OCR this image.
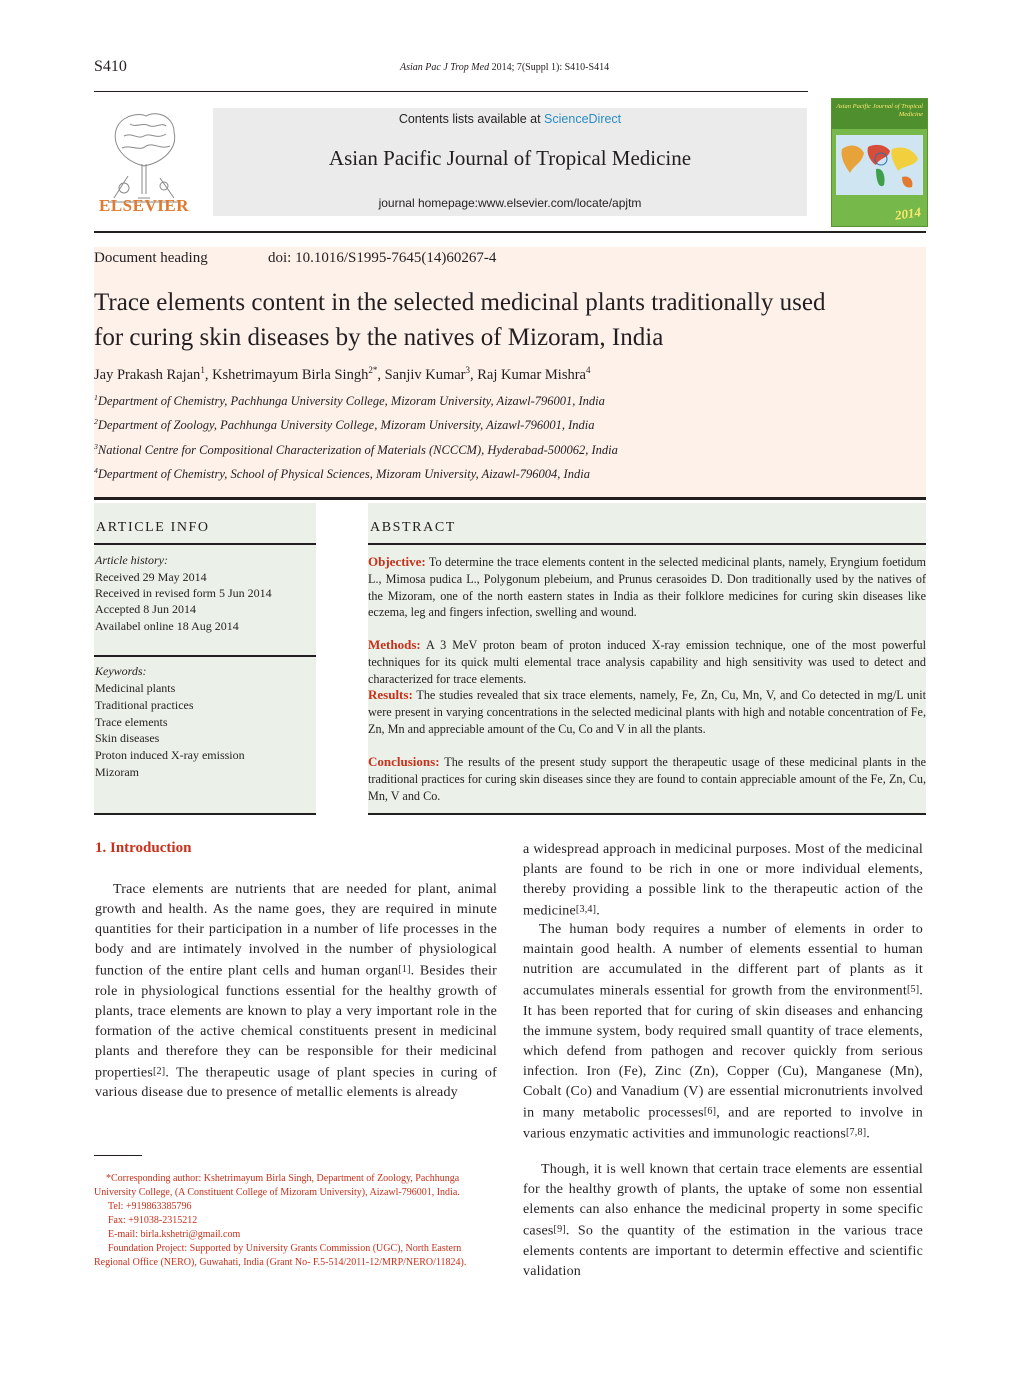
S410	Asian Pac J Trop Med 2014; 7(Suppl 1): S410-S414
ELSEVIER
Contents lists available at ScienceDirect
Asian Pacific Journal of Tropical Medicine
journal homepage:www.elsevier.com/locate/apjtm
Asian Pacific Journal of Tropical Medicine
2014
Document heading	doi: 10.1016/S1995-7645(14)60267-4
Trace elements content in the selected medicinal plants traditionally used
for curing skin diseases by the natives of Mizoram, India
Jay Prakash Rajan$^1$, Kshetrimayum Birla Singh$^{2*}$, Sanjiv Kumar$^3$, Raj Kumar Mishra$^4$
$^1$Department of Chemistry, Pachhunga University College, Mizoram University, Aizawl-796001, India
$^2$Department of Zoology, Pachhunga University College, Mizoram University, Aizawl-796001, India
$^3$National Centre for Compositional Characterization of Materials (NCCCM), Hyderabad-500062, India
$^4$Department of Chemistry, School of Physical Sciences, Mizoram University, Aizawl-796004, India
ARTICLE INFO
Article history:
Received 29 May 2014
Received in revised form 5 Jun 2014
Accepted 8 Jun 2014
Availabel online 18 Aug 2014
Keywords:
Medicinal plants
Traditional practices
Trace elements
Skin diseases
Proton induced X-ray emission
Mizoram
ABSTRACT
Objective: To determine the trace elements content in the selected medicinal plants, namely, Eryngium foetidum L., Mimosa pudica L., Polygonum plebeium, and Prunus cerasoides D. Don traditionally used by the natives of the Mizoram, one of the north eastern states in India as their folklore medicines for curing skin diseases like eczema, leg and fingers infection, swelling and wound.
Methods: A 3 MeV proton beam of proton induced X-ray emission technique, one of the most powerful techniques for its quick multi elemental trace analysis capability and high sensitivity was used to detect and characterized for trace elements.
Results: The studies revealed that six trace elements, namely, Fe, Zn, Cu, Mn, V, and Co detected in mg/L unit were present in varying concentrations in the selected medicinal plants with high and notable concentration of Fe, Zn, Mn and appreciable amount of the Cu, Co and V in all the plants.
Conclusions: The results of the present study support the therapeutic usage of these medicinal plants in the traditional practices for curing skin diseases since they are found to contain appreciable amount of the Fe, Zn, Cu, Mn, V and Co.
1. Introduction
Trace elements are nutrients that are needed for plant, animal growth and health. As the name goes, they are required in minute quantities for their participation in a number of life processes in the body and are intimately involved in the number of physiological function of the entire plant cells and human organ[1]. Besides their role in physiological functions essential for the healthy growth of plants, trace elements are known to play a very important role in the formation of the active chemical constituents present in medicinal plants and therefore they can be responsible for their medicinal properties[2]. The therapeutic usage of plant species in curing of various disease due to presence of metallic elements is already
*Corresponding author: Kshetrimayum Birla Singh, Department of Zoology, Pachhunga University College, (A Constituent College of Mizoram University), Aizawl-796001, India.
Tel: +919863385796
Fax: +91038-2315212
E-mail: birla.kshetri@gmail.com
Foundation Project: Supported by University Grants Commission (UGC), North Eastern Regional Office (NERO), Guwahati, India (Grant No- F.5-514/2011-12/MRP/NERO/11824).
a widespread approach in medicinal purposes. Most of the medicinal plants are found to be rich in one or more individual elements, thereby providing a possible link to the therapeutic action of the medicine[3,4].
The human body requires a number of elements in order to maintain good health. A number of elements essential to human nutrition are accumulated in the different part of plants as it accumulates minerals essential for growth from the environment[5]. It has been reported that for curing of skin diseases and enhancing the immune system, body required small quantity of trace elements, which defend from pathogen and recover quickly from serious infection. Iron (Fe), Zinc (Zn), Copper (Cu), Manganese (Mn), Cobalt (Co) and Vanadium (V) are essential micronutrients involved in many metabolic processes[6], and are reported to involve in various enzymatic activities and immunologic reactions[7,8].
Though, it is well known that certain trace elements are essential for the healthy growth of plants, the uptake of some non essential elements can also enhance the medicinal property in some specific cases[9]. So the quantity of the estimation in the various trace elements contents are important to determin effective and scientific validation
